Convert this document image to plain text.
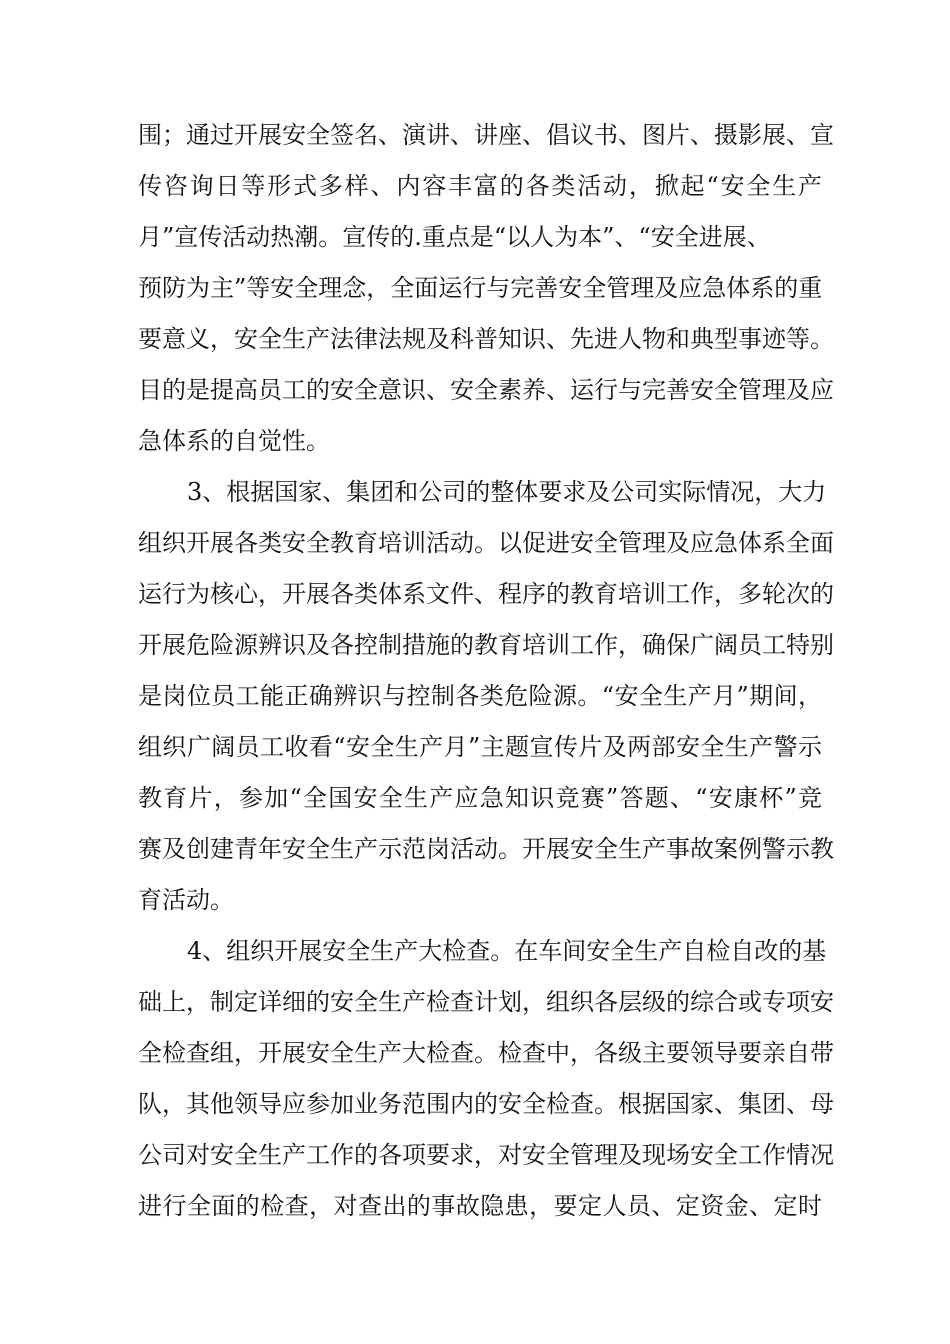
围；通过开展安全签名、演讲、讲座、倡议书、图片、摄影展、宣
传咨询日等形式多样、内容丰富的各类活动，掀起“安全生产
月”宣传活动热潮。宣传的.重点是“以人为本”、“安全进展、
预防为主”等安全理念，全面运行与完善安全管理及应急体系的重
要意义，安全生产法律法规及科普知识、先进人物和典型事迹等。
目的是提高员工的安全意识、安全素养、运行与完善安全管理及应
急体系的自觉性。
3、根据国家、集团和公司的整体要求及公司实际情况，大力
组织开展各类安全教育培训活动。以促进安全管理及应急体系全面
运行为核心，开展各类体系文件、程序的教育培训工作，多轮次的
开展危险源辨识及各控制措施的教育培训工作，确保广阔员工特别
是岗位员工能正确辨识与控制各类危险源。“安全生产月”期间，
组织广阔员工收看“安全生产月”主题宣传片及两部安全生产警示
教育片，参加“全国安全生产应急知识竞赛”答题、“安康杯”竞
赛及创建青年安全生产示范岗活动。开展安全生产事故案例警示教
育活动。
4、组织开展安全生产大检查。在车间安全生产自检自改的基
础上，制定详细的安全生产检查计划，组织各层级的综合或专项安
全检查组，开展安全生产大检查。检查中，各级主要领导要亲自带
队，其他领导应参加业务范围内的安全检查。根据国家、集团、母
公司对安全生产工作的各项要求，对安全管理及现场安全工作情况
进行全面的检查，对查出的事故隐患，要定人员、定资金、定时
